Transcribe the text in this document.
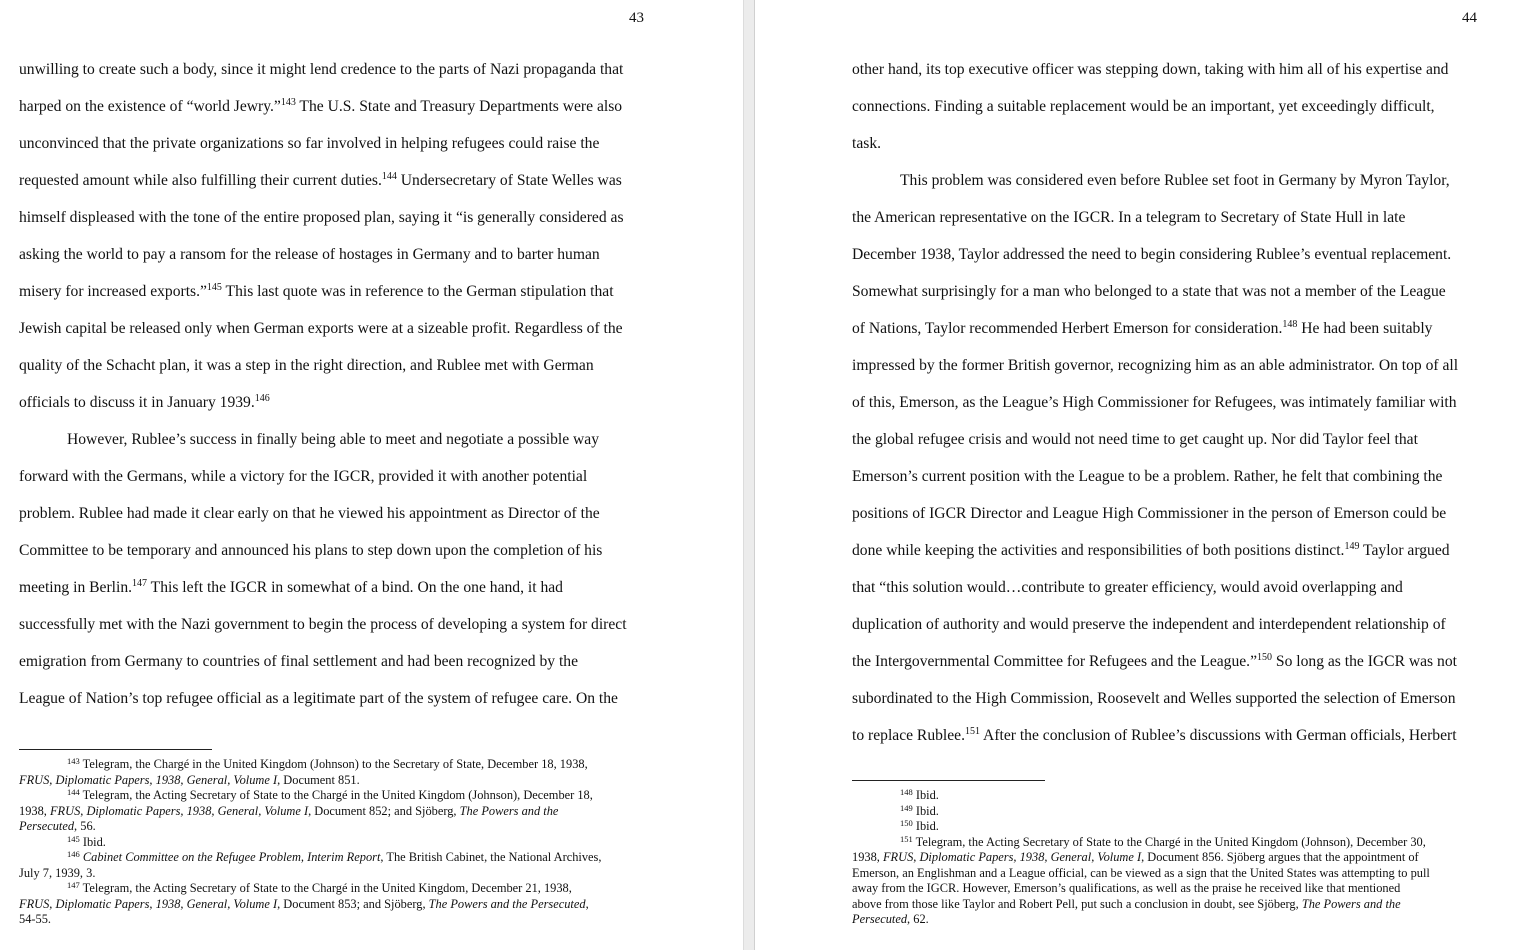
43
unwilling to create such a body, since it might lend credence to the parts of Nazi propaganda that
harped on the existence of “world Jewry.”$^{143}$ The U.S. State and Treasury Departments were also
unconvinced that the private organizations so far involved in helping refugees could raise the
requested amount while also fulfilling their current duties.$^{144}$ Undersecretary of State Welles was
himself displeased with the tone of the entire proposed plan, saying it “is generally considered as
asking the world to pay a ransom for the release of hostages in Germany and to barter human
misery for increased exports.”$^{145}$ This last quote was in reference to the German stipulation that
Jewish capital be released only when German exports were at a sizeable profit. Regardless of the
quality of the Schacht plan, it was a step in the right direction, and Rublee met with German
officials to discuss it in January 1939.$^{146}$
However, Rublee’s success in finally being able to meet and negotiate a possible way
forward with the Germans, while a victory for the IGCR, provided it with another potential
problem. Rublee had made it clear early on that he viewed his appointment as Director of the
Committee to be temporary and announced his plans to step down upon the completion of his
meeting in Berlin.$^{147}$ This left the IGCR in somewhat of a bind. On the one hand, it had
successfully met with the Nazi government to begin the process of developing a system for direct
emigration from Germany to countries of final settlement and had been recognized by the
League of Nation’s top refugee official as a legitimate part of the system of refugee care. On the
$^{143}$ Telegram, the Chargé in the United Kingdom (Johnson) to the Secretary of State, December 18, 1938,
FRUS, Diplomatic Papers, 1938, General, Volume I, Document 851.
$^{144}$ Telegram, the Acting Secretary of State to the Chargé in the United Kingdom (Johnson), December 18,
1938, FRUS, Diplomatic Papers, 1938, General, Volume I, Document 852; and Sjöberg, The Powers and the
Persecuted, 56.
$^{145}$ Ibid.
$^{146}$ Cabinet Committee on the Refugee Problem, Interim Report, The British Cabinet, the National Archives,
July 7, 1939, 3.
$^{147}$ Telegram, the Acting Secretary of State to the Chargé in the United Kingdom, December 21, 1938,
FRUS, Diplomatic Papers, 1938, General, Volume I, Document 853; and Sjöberg, The Powers and the Persecuted,
54-55.
44
other hand, its top executive officer was stepping down, taking with him all of his expertise and
connections. Finding a suitable replacement would be an important, yet exceedingly difficult,
task.
This problem was considered even before Rublee set foot in Germany by Myron Taylor,
the American representative on the IGCR. In a telegram to Secretary of State Hull in late
December 1938, Taylor addressed the need to begin considering Rublee’s eventual replacement.
Somewhat surprisingly for a man who belonged to a state that was not a member of the League
of Nations, Taylor recommended Herbert Emerson for consideration.$^{148}$ He had been suitably
impressed by the former British governor, recognizing him as an able administrator. On top of all
of this, Emerson, as the League’s High Commissioner for Refugees, was intimately familiar with
the global refugee crisis and would not need time to get caught up. Nor did Taylor feel that
Emerson’s current position with the League to be a problem. Rather, he felt that combining the
positions of IGCR Director and League High Commissioner in the person of Emerson could be
done while keeping the activities and responsibilities of both positions distinct.$^{149}$ Taylor argued
that “this solution would…contribute to greater efficiency, would avoid overlapping and
duplication of authority and would preserve the independent and interdependent relationship of
the Intergovernmental Committee for Refugees and the League.”$^{150}$ So long as the IGCR was not
subordinated to the High Commission, Roosevelt and Welles supported the selection of Emerson
to replace Rublee.$^{151}$ After the conclusion of Rublee’s discussions with German officials, Herbert
$^{148}$ Ibid.
$^{149}$ Ibid.
$^{150}$ Ibid.
$^{151}$ Telegram, the Acting Secretary of State to the Chargé in the United Kingdom (Johnson), December 30,
1938, FRUS, Diplomatic Papers, 1938, General, Volume I, Document 856. Sjöberg argues that the appointment of
Emerson, an Englishman and a League official, can be viewed as a sign that the United States was attempting to pull
away from the IGCR. However, Emerson’s qualifications, as well as the praise he received like that mentioned
above from those like Taylor and Robert Pell, put such a conclusion in doubt, see Sjöberg, The Powers and the
Persecuted, 62.
